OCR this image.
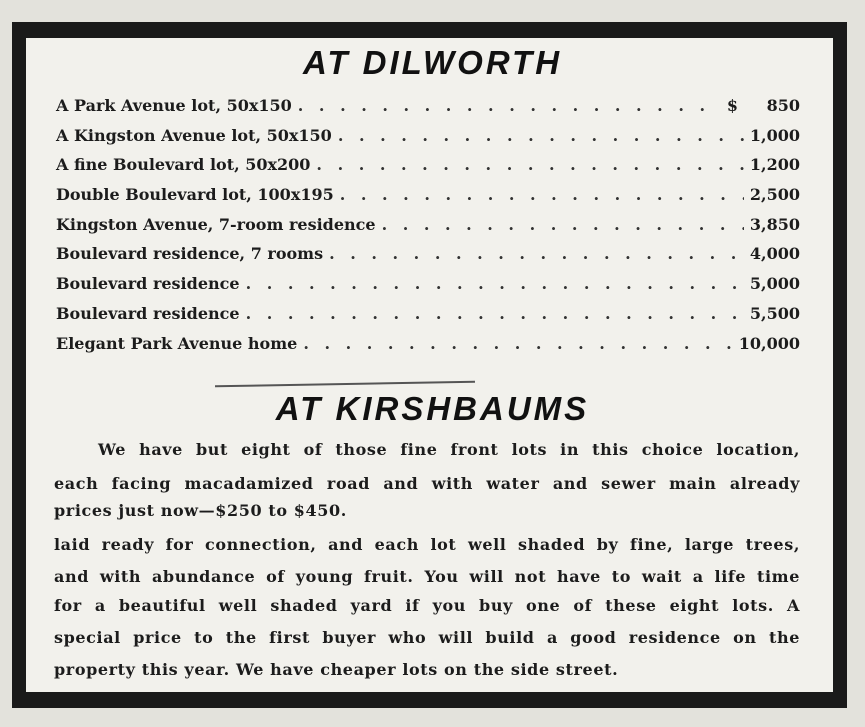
AT DILWORTH
A Park Avenue lot, 50x150 . . .	$	850
A Kingston Avenue lot, 50x150 . . .	1,000
A fine Boulevard lot, 50x200 . . .	1,200
Double Boulevard lot, 100x195 . . .	2,500
Kingston Avenue, 7-room residence . . .	3,850
Boulevard residence, 7 rooms . . .	4,000
Boulevard residence . . .	5,000
Boulevard residence . . .	5,500
Elegant Park Avenue home . . .	10,000
AT KIRSHBAUMS
We have but eight of those fine front lots in this choice location,
each facing macadamized road and with water and sewer main already
prices just now—$250 to $450.
laid ready for connection, and each lot well shaded by fine, large trees,
and with abundance of young fruit. You will not have to wait a life time
for a beautiful well shaded yard if you buy one of these eight lots. A
special price to the first buyer who will build a good residence on the
property this year. We have cheaper lots on the side street.
